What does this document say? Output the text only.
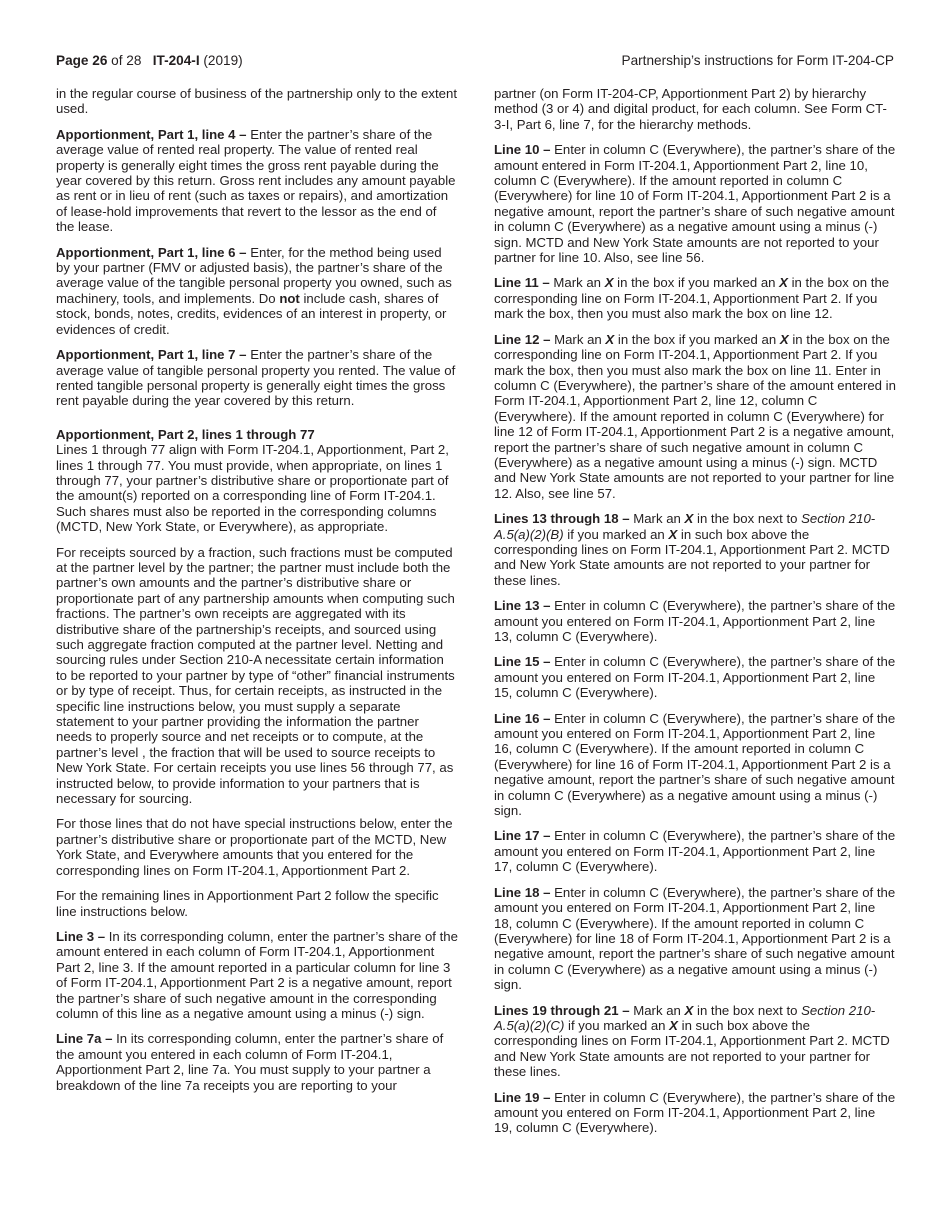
Page 26 of 28 IT-204-I (2019)	Partnership’s instructions for Form IT-204-CP

in the regular course of business of the partnership only to the extent used.

Apportionment, Part 1, line 4 – Enter the partner’s share of the average value of rented real property. The value of rented real property is generally eight times the gross rent payable during the year covered by this return. Gross rent includes any amount payable as rent or in lieu of rent (such as taxes or repairs), and amortization of lease-hold improvements that revert to the lessor as the end of the lease.

Apportionment, Part 1, line 6 – Enter, for the method being used by your partner (FMV or adjusted basis), the partner’s share of the average value of the tangible personal property you owned, such as machinery, tools, and implements. Do not include cash, shares of stock, bonds, notes, credits, evidences of an interest in property, or evidences of credit.

Apportionment, Part 1, line 7 – Enter the partner’s share of the average value of tangible personal property you rented. The value of rented tangible personal property is generally eight times the gross rent payable during the year covered by this return.

Apportionment, Part 2, lines 1 through 77

Lines 1 through 77 align with Form IT-204.1, Apportionment, Part 2, lines 1 through 77. You must provide, when appropriate, on lines 1 through 77, your partner’s distributive share or proportionate part of the amount(s) reported on a corresponding line of Form IT-204.1. Such shares must also be reported in the corresponding columns (MCTD, New York State, or Everywhere), as appropriate.

For receipts sourced by a fraction, such fractions must be computed at the partner level by the partner; the partner must include both the partner’s own amounts and the partner’s distributive share or proportionate part of any partnership amounts when computing such fractions. The partner’s own receipts are aggregated with its distributive share of the partnership’s receipts, and sourced using such aggregate fraction computed at the partner level. Netting and sourcing rules under Section 210-A necessitate certain information to be reported to your partner by type of “other” financial instruments or by type of receipt. Thus, for certain receipts, as instructed in the specific line instructions below, you must supply a separate statement to your partner providing the information the partner needs to properly source and net receipts or to compute, at the partner’s level , the fraction that will be used to source receipts to New York State. For certain receipts you use lines 56 through 77, as instructed below, to provide information to your partners that is necessary for sourcing.

For those lines that do not have special instructions below, enter the partner’s distributive share or proportionate part of the MCTD, New York State, and Everywhere amounts that you entered for the corresponding lines on Form IT-204.1, Apportionment Part 2.

For the remaining lines in Apportionment Part 2 follow the specific line instructions below.

Line 3 – In its corresponding column, enter the partner’s share of the amount entered in each column of Form IT-204.1, Apportionment Part 2, line 3. If the amount reported in a particular column for line 3 of Form IT-204.1, Apportionment Part 2 is a negative amount, report the partner’s share of such negative amount in the corresponding column of this line as a negative amount using a minus (-) sign.

Line 7a – In its corresponding column, enter the partner’s share of the amount you entered in each column of Form IT-204.1, Apportionment Part 2, line 7a. You must supply to your partner a breakdown of the line 7a receipts you are reporting to your

partner (on Form IT-204-CP, Apportionment Part 2) by hierarchy method (3 or 4) and digital product, for each column. See Form CT-3-I, Part 6, line 7, for the hierarchy methods.

Line 10 – Enter in column C (Everywhere), the partner’s share of the amount entered in Form IT-204.1, Apportionment Part 2, line 10, column C (Everywhere). If the amount reported in column C (Everywhere) for line 10 of Form IT-204.1, Apportionment Part 2 is a negative amount, report the partner’s share of such negative amount in column C (Everywhere) as a negative amount using a minus (-) sign. MCTD and New York State amounts are not reported to your partner for line 10. Also, see line 56.

Line 11 – Mark an X in the box if you marked an X in the box on the corresponding line on Form IT-204.1, Apportionment Part 2. If you mark the box, then you must also mark the box on line 12.

Line 12 – Mark an X in the box if you marked an X in the box on the corresponding line on Form IT-204.1, Apportionment Part 2. If you mark the box, then you must also mark the box on line 11. Enter in column C (Everywhere), the partner’s share of the amount entered in Form IT-204.1, Apportionment Part 2, line 12, column C (Everywhere). If the amount reported in column C (Everywhere) for line 12 of Form IT-204.1, Apportionment Part 2 is a negative amount, report the partner’s share of such negative amount in column C (Everywhere) as a negative amount using a minus (-) sign. MCTD and New York State amounts are not reported to your partner for line 12. Also, see line 57.

Lines 13 through 18 – Mark an X in the box next to Section 210-A.5(a)(2)(B) if you marked an X in such box above the corresponding lines on Form IT-204.1, Apportionment Part 2. MCTD and New York State amounts are not reported to your partner for these lines.

Line 13 – Enter in column C (Everywhere), the partner’s share of the amount you entered on Form IT-204.1, Apportionment Part 2, line 13, column C (Everywhere).

Line 15 – Enter in column C (Everywhere), the partner’s share of the amount you entered on Form IT-204.1, Apportionment Part 2, line 15, column C (Everywhere).

Line 16 – Enter in column C (Everywhere), the partner’s share of the amount you entered on Form IT-204.1, Apportionment Part 2, line 16, column C (Everywhere). If the amount reported in column C (Everywhere) for line 16 of Form IT-204.1, Apportionment Part 2 is a negative amount, report the partner’s share of such negative amount in column C (Everywhere) as a negative amount using a minus (-) sign.

Line 17 – Enter in column C (Everywhere), the partner’s share of the amount you entered on Form IT-204.1, Apportionment Part 2, line 17, column C (Everywhere).

Line 18 – Enter in column C (Everywhere), the partner’s share of the amount you entered on Form IT-204.1, Apportionment Part 2, line 18, column C (Everywhere). If the amount reported in column C (Everywhere) for line 18 of Form IT-204.1, Apportionment Part 2 is a negative amount, report the partner’s share of such negative amount in column C (Everywhere) as a negative amount using a minus (-) sign.

Lines 19 through 21 – Mark an X in the box next to Section 210-A.5(a)(2)(C) if you marked an X in such box above the corresponding lines on Form IT-204.1, Apportionment Part 2. MCTD and New York State amounts are not reported to your partner for these lines.

Line 19 – Enter in column C (Everywhere), the partner’s share of the amount you entered on Form IT-204.1, Apportionment Part 2, line 19, column C (Everywhere).
